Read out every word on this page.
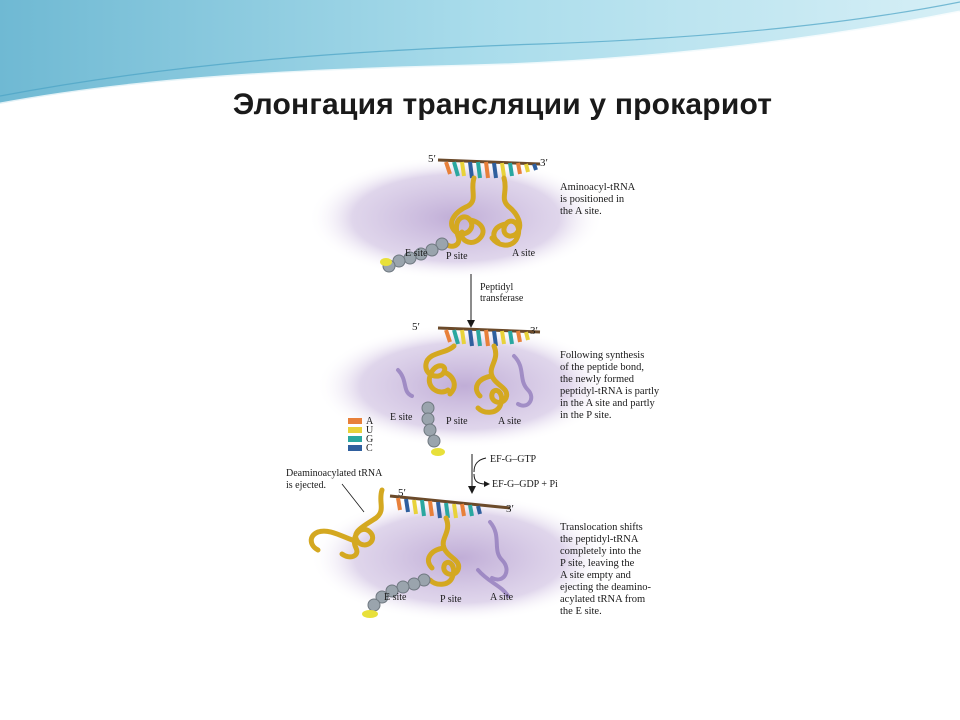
Элонгация трансляции у прокариот
5′	3′
E site P site	A site
Aminoacyl-tRNA is positioned in the A site.
Peptidyl transferase
5′	3′
E site	P site	A site
Following synthesis of the peptide bond, the newly formed peptidyl-tRNA is partly in the A site and partly in the P site.
A
U
G
C
EF-G–GTP
EF-G–GDP + Pi
5′
3′
Deaminoacylated tRNA is ejected.
E site	P site	A site
Translocation shifts the peptidyl-tRNA completely into the P site, leaving the A site empty and ejecting the deamino- acylated tRNA from the E site.
